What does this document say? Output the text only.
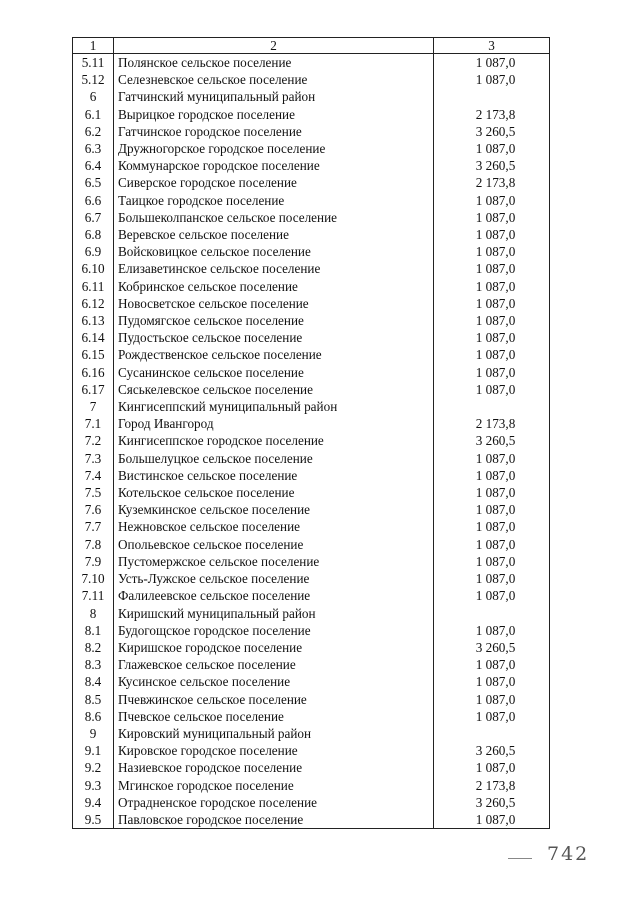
1	2	3
5.11	Полянское сельское поселение	1 087,0
5.12	Селезневское сельское поселение	1 087,0
6	Гатчинский муниципальный район	
6.1	Вырицкое городское поселение	2 173,8
6.2	Гатчинское городское поселение	3 260,5
6.3	Дружногорское городское поселение	1 087,0
6.4	Коммунарское городское поселение	3 260,5
6.5	Сиверское городское поселение	2 173,8
6.6	Таицкое городское поселение	1 087,0
6.7	Большеколпанское сельское поселение	1 087,0
6.8	Веревское сельское поселение	1 087,0
6.9	Войсковицкое сельское поселение	1 087,0
6.10	Елизаветинское сельское поселение	1 087,0
6.11	Кобринское сельское поселение	1 087,0
6.12	Новосветское сельское поселение	1 087,0
6.13	Пудомягское сельское поселение	1 087,0
6.14	Пудостьское сельское поселение	1 087,0
6.15	Рождественское сельское поселение	1 087,0
6.16	Сусанинское сельское поселение	1 087,0
6.17	Сяськелевское сельское поселение	1 087,0
7	Кингисеппский муниципальный район	
7.1	Город Ивангород	2 173,8
7.2	Кингисеппское городское поселение	3 260,5
7.3	Большелуцкое сельское поселение	1 087,0
7.4	Вистинское сельское поселение	1 087,0
7.5	Котельское сельское поселение	1 087,0
7.6	Куземкинское сельское поселение	1 087,0
7.7	Нежновское сельское поселение	1 087,0
7.8	Опольевское сельское поселение	1 087,0
7.9	Пустомержское сельское поселение	1 087,0
7.10	Усть-Лужское сельское поселение	1 087,0
7.11	Фалилеевское сельское поселение	1 087,0
8	Киришский муниципальный район	
8.1	Будогощское городское поселение	1 087,0
8.2	Киришское городское поселение	3 260,5
8.3	Глажевское сельское поселение	1 087,0
8.4	Кусинское сельское поселение	1 087,0
8.5	Пчевжинское сельское поселение	1 087,0
8.6	Пчевское сельское поселение	1 087,0
9	Кировский муниципальный район	
9.1	Кировское городское поселение	3 260,5
9.2	Назиевское городское поселение	1 087,0
9.3	Мгинское городское поселение	2 173,8
9.4	Отрадненское городское поселение	3 260,5
9.5	Павловское городское поселение	1 087,0
742
